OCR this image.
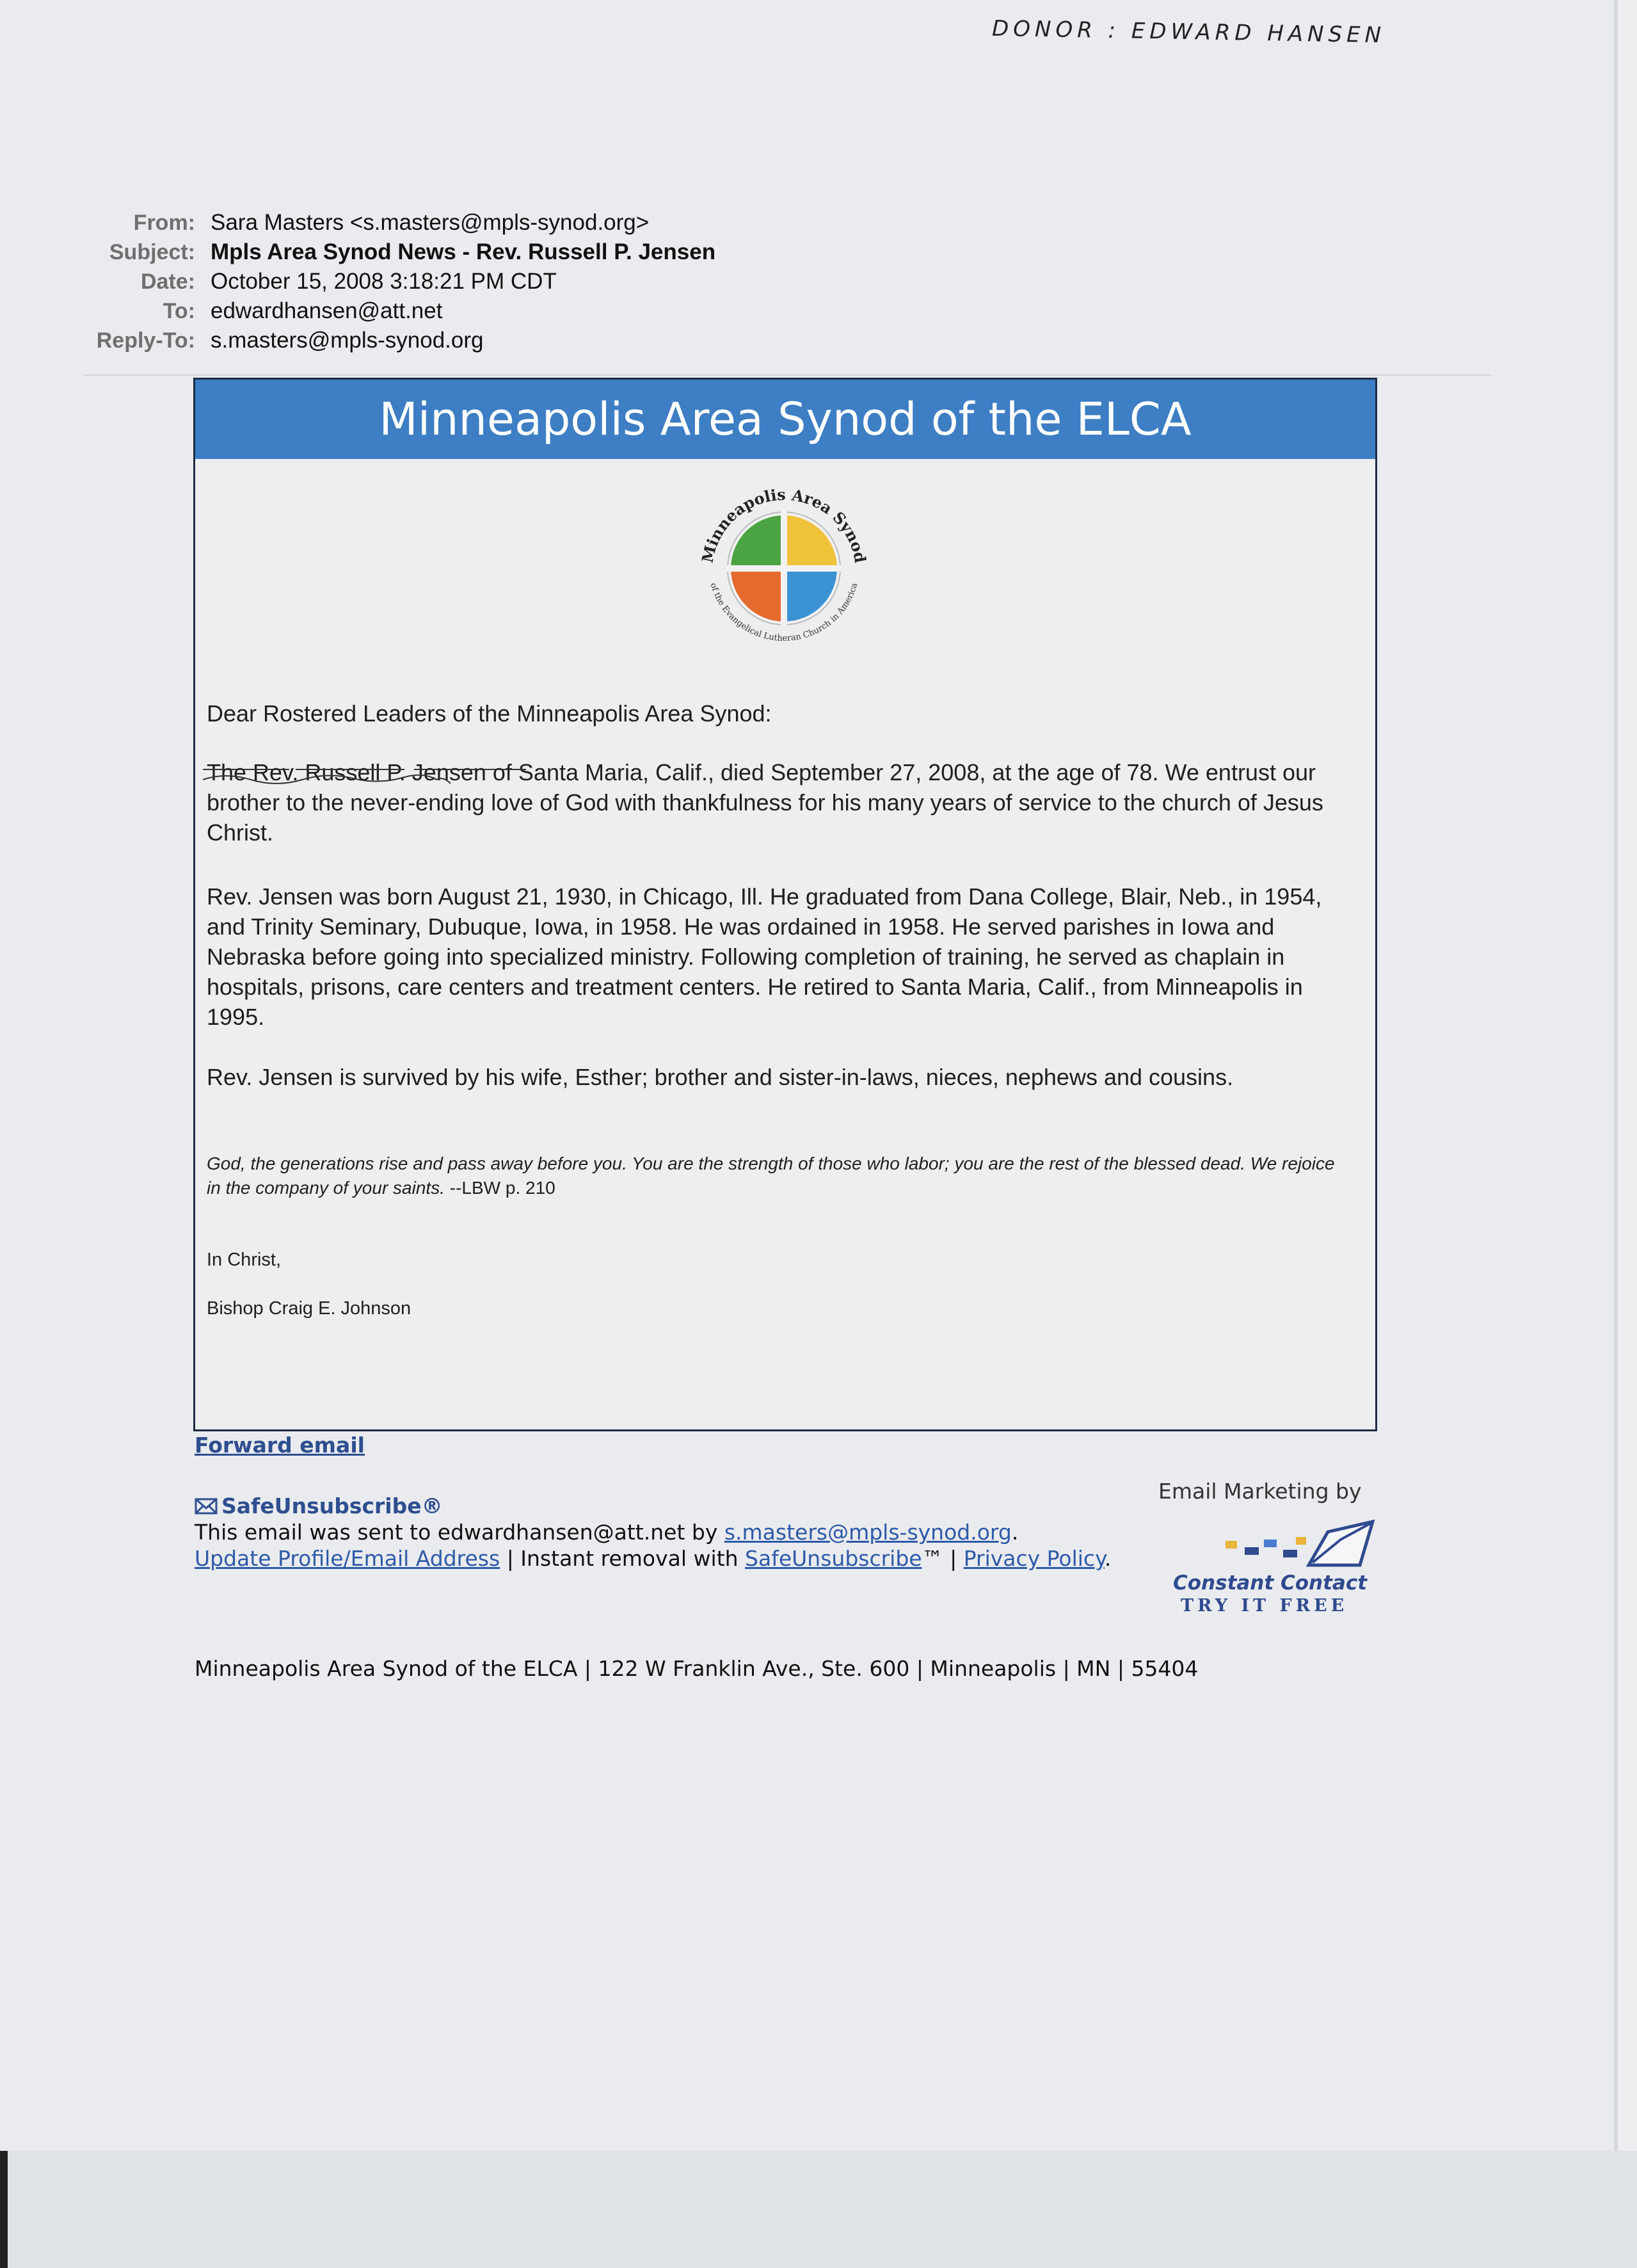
DONOR : EDWARD HANSEN
From: Sara Masters <s.masters@mpls-synod.org>
Subject: Mpls Area Synod News - Rev. Russell P. Jensen
Date: October 15, 2008 3:18:21 PM CDT
To: edwardhansen@att.net
Reply-To: s.masters@mpls-synod.org
Minneapolis Area Synod of the ELCA
Minneapolis Area Synod
of the Evangelical Lutheran Church in America
Dear Rostered Leaders of the Minneapolis Area Synod:
The Rev. Russell P. Jensen of Santa Maria, Calif., died September 27, 2008, at the age of 78. We entrust our brother to the never-ending love of God with thankfulness for his many years of service to the church of Jesus Christ.
Rev. Jensen was born August 21, 1930, in Chicago, Ill. He graduated from Dana College, Blair, Neb., in 1954, and Trinity Seminary, Dubuque, Iowa, in 1958. He was ordained in 1958. He served parishes in Iowa and Nebraska before going into specialized ministry. Following completion of training, he served as chaplain in hospitals, prisons, care centers and treatment centers. He retired to Santa Maria, Calif., from Minneapolis in 1995.
Rev. Jensen is survived by his wife, Esther; brother and sister-in-laws, nieces, nephews and cousins.
God, the generations rise and pass away before you. You are the strength of those who labor; you are the rest of the blessed dead. We rejoice in the company of your saints. --LBW p. 210
In Christ,
Bishop Craig E. Johnson
Forward email
Email Marketing by
Constant Contact
TRY IT FREE
SafeUnsubscribe®
This email was sent to edwardhansen@att.net by s.masters@mpls-synod.org.
Update Profile/Email Address | Instant removal with SafeUnsubscribe™ | Privacy Policy.
Minneapolis Area Synod of the ELCA | 122 W Franklin Ave., Ste. 600 | Minneapolis | MN | 55404
